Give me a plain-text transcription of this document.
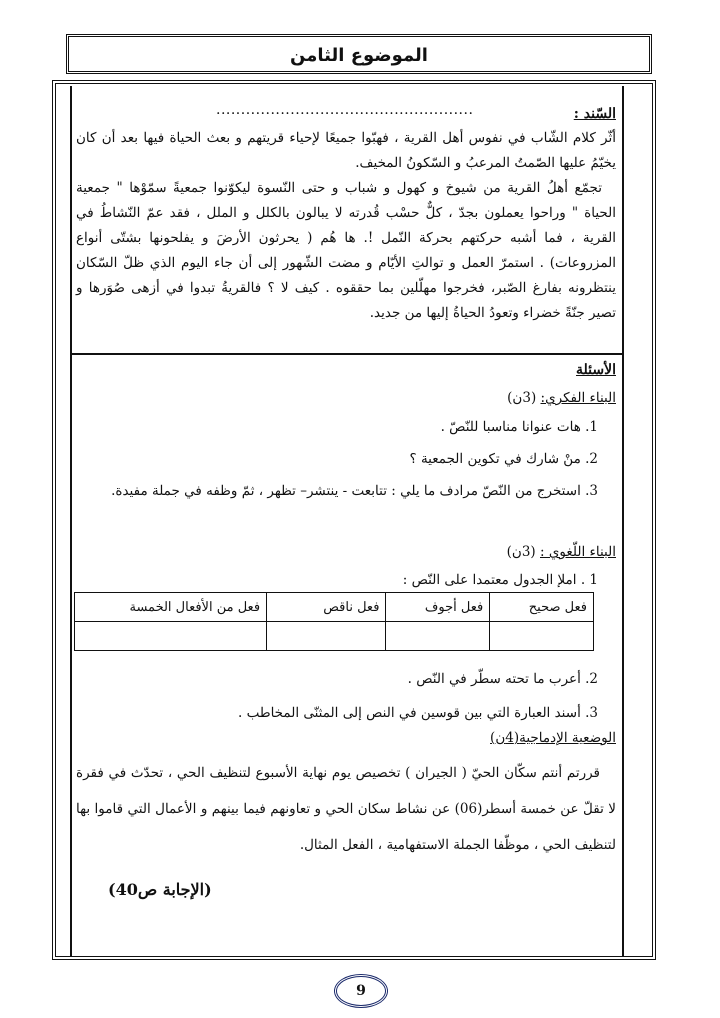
الموضوع الثامن
السّند :
....................................................

أثّر كلام الشّاب في نفوس أهل القرية ، فهبّوا جميعًا لإحياء قريتهم و بعث الحياة فيها بعد أن كان يخيّمُ عليها الصّمتُ المرعبُ و السّكونُ المخيف.

تجمّع أهلُ القرية من شيوخ و كهول و شباب و حتى النّسوة ليكوّنوا جمعيةً سمّوْها " جمعية الحياة " وراحوا يعملون بجدّ ، كلٌّ حسْب قُدرته لا يبالون بالكلل و الملل ، فقد عمّ النّشاطُ في القرية ، فما أشبه حركتهم بحركة النّمل !. ها هُم ( يحرثون الأرضَ و يفلحونها بشتّى أنواع المزروعات) . استمرّ العمل و توالتِ الأيّام و مضت الشّهور إلى أن جاء اليوم الذي ظلّ السّكان ينتظرونه بفارغ الصّبر، فخرجوا مهلّلين بما حققوه . كيف لا ؟ فالقريةُ تبدوا في أزهى صُوَرها و تصير جنّةً خضراء وتعودُ الحياةُ إليها من جديد.

الأسئلة
البناء الفكري: (3ن)

1. هات عنوانا مناسبا للنّصّ .

2. منْ شارك في تكوين الجمعية ؟

3. استخرج من النّصّ مرادف ما يلي : تتابعت - ينتشر– تظهر ، ثمّ وظفه في جملة مفيدة.

البناء اللّغوي : (3ن)

1 . املإ الجدول معتمدا على النّص :

فعل صحيح	فعل أجوف	فعل ناقص	فعل من الأفعال الخمسة

2. أعرب ما تحته سطّر في النّص .

3. أسند العبارة التي بين قوسين في النص إلى المثنّى المخاطب .

الوضعية الإدماجية(4ن)

قررتم أنتم سكّان الحيّ ( الجيران ) تخصيص يوم نهاية الأسبوع لتنظيف الحي ، تحدّث في فقرة لا تقلّ عن خمسة أسطر(06) عن نشاط سكان الحي و تعاونهم فيما بينهم و الأعمال التي قاموا بها لتنظيف الحي ، موظّفا الجملة الاستفهامية ، الفعل المثال.

(الإجابة ص40)
9
